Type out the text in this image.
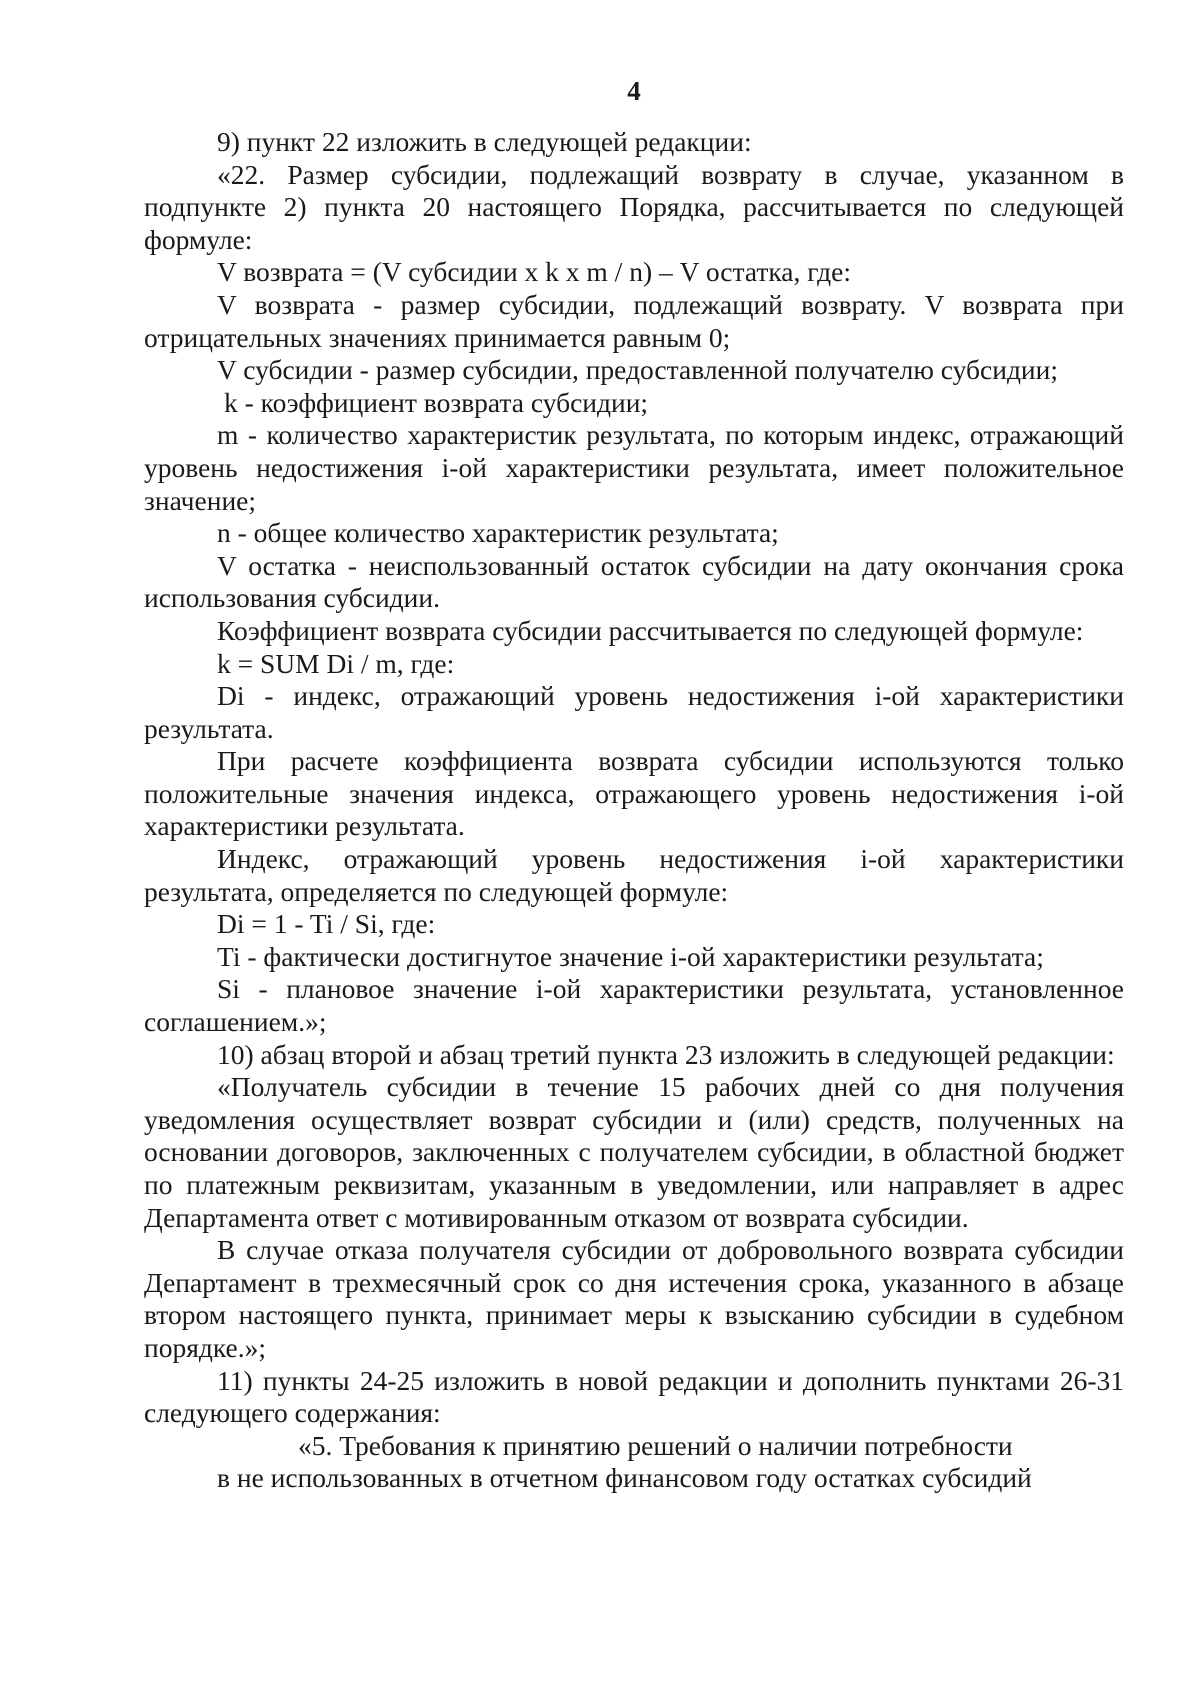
4

9) пункт 22 изложить в следующей редакции:

«22. Размер субсидии, подлежащий возврату в случае, указанном в подпункте 2) пункта 20 настоящего Порядка, рассчитывается по следующей формуле:

V возврата = (V субсидии x k x m / n) – V остатка, где:

V возврата - размер субсидии, подлежащий возврату. V возврата при отрицательных значениях принимается равным 0;

V субсидии - размер субсидии, предоставленной получателю субсидии;

k - коэффициент возврата субсидии;

m - количество характеристик результата, по которым индекс, отражающий уровень недостижения i-ой характеристики результата, имеет положительное значение;

n - общее количество характеристик результата;

V остатка - неиспользованный остаток субсидии на дату окончания срока использования субсидии.

Коэффициент возврата субсидии рассчитывается по следующей формуле:

k = SUM Di / m, где:

Di - индекс, отражающий уровень недостижения i-ой характеристики результата.

При расчете коэффициента возврата субсидии используются только положительные значения индекса, отражающего уровень недостижения i-ой характеристики результата.

Индекс, отражающий уровень недостижения i-ой характеристики результата, определяется по следующей формуле:

Di = 1 - Ti / Si, где:

Ti - фактически достигнутое значение i-ой характеристики результата;

Si - плановое значение i-ой характеристики результата, установленное соглашением.»;

10) абзац второй и абзац третий пункта 23 изложить в следующей редакции:

«Получатель субсидии в течение 15 рабочих дней со дня получения уведомления осуществляет возврат субсидии и (или) средств, полученных на основании договоров, заключенных с получателем субсидии, в областной бюджет по платежным реквизитам, указанным в уведомлении, или направляет в адрес Департамента ответ с мотивированным отказом от возврата субсидии.

В случае отказа получателя субсидии от добровольного возврата субсидии Департамент в трехмесячный срок со дня истечения срока, указанного в абзаце втором настоящего пункта, принимает меры к взысканию субсидии в судебном порядке.»;

11) пункты 24-25 изложить в новой редакции и дополнить пунктами 26-31 следующего содержания:

«5. Требования к принятию решений о наличии потребности

в не использованных в отчетном финансовом году остатках субсидий
